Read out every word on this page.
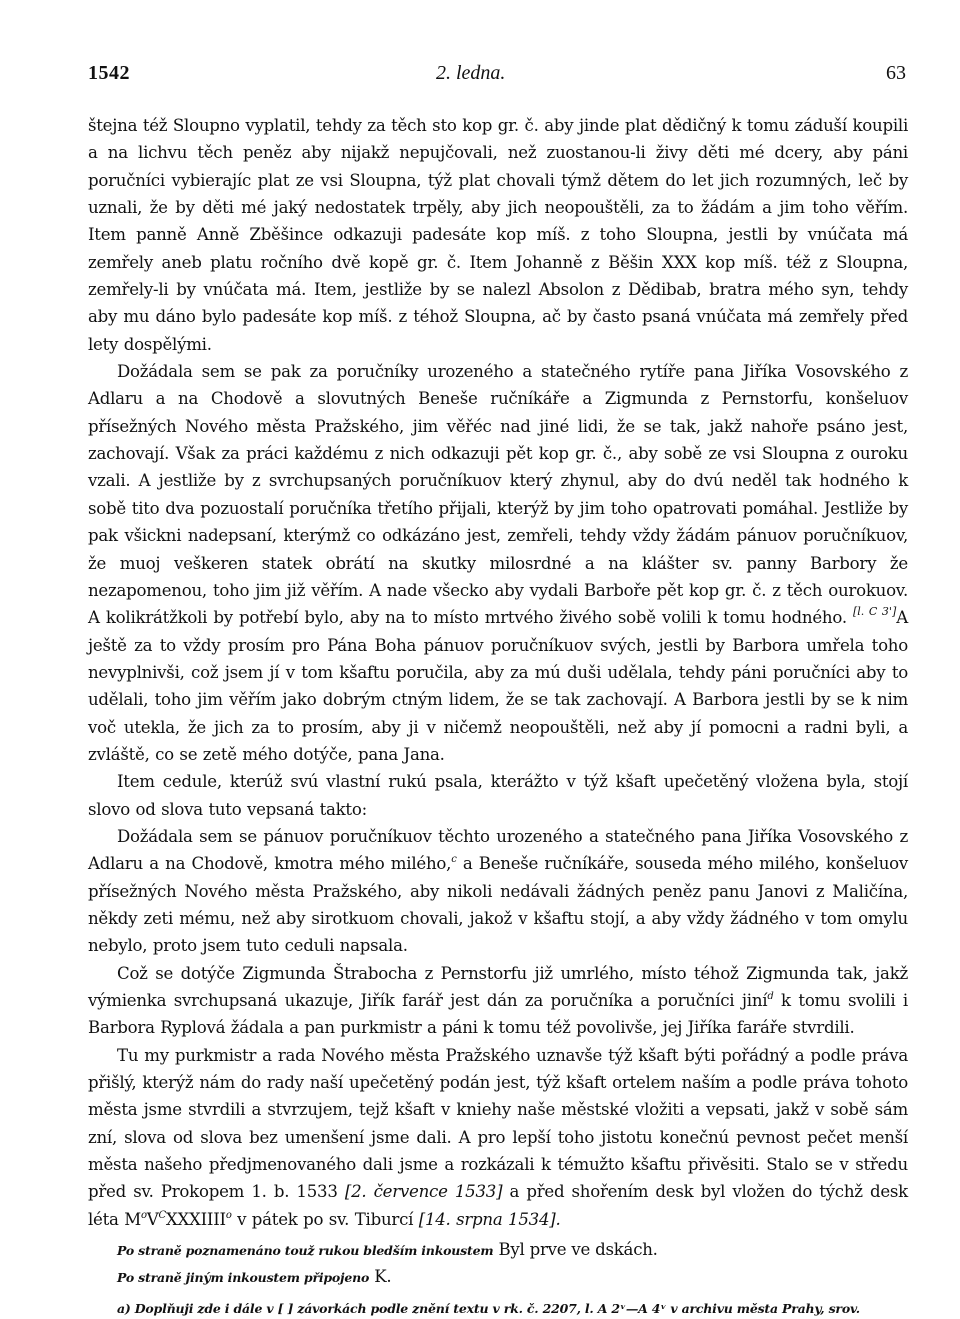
1542	2. ledna.	63

štejna též Sloupno vyplatil, tehdy za těch sto kop gr. č. aby jinde plat dědičný k tomu záduší koupili a na lichvu těch peněz aby nijakž nepujčovali, než zuostanou-li živy děti mé dcery, aby páni poručníci vybierajíc plat ze vsi Sloupna, týž plat chovali týmž dětem do let jich rozumných, leč by uznali, že by děti mé jaký nedostatek trpěly, aby jich neopouštěli, za to žádám a jim toho věřím. Item panně Anně Zběšince odkazuji padesáte kop míš. z toho Sloupna, jestli by vnúčata má zemřely aneb platu ročního dvě kopě gr. č. Item Johanně z Běšin XXX kop míš. též z Sloupna, zemřely-li by vnúčata má. Item, jestliže by se nalezl Absolon z Dědibab, bratra mého syn, tehdy aby mu dáno bylo padesáte kop míš. z téhož Sloupna, ač by často psaná vnúčata má zemřely před lety dospělými.

Dožádala sem se pak za poručníky urozeného a statečného rytíře pana Jiříka Vosovského z Adlaru a na Chodově a slovutných Beneše ručníkáře a Zigmunda z Pernstorfu, konšeluov přísežných Nového města Pražského, jim věřéc nad jiné lidi, že se tak, jakž nahoře psáno jest, zachovají. Však za práci každému z nich odkazuji pět kop gr. č., aby sobě ze vsi Sloupna z ouroku vzali. A jestliže by z svrchupsaných poručníkuov který zhynul, aby do dvú neděl tak hodného k sobě tito dva pozuostalí poručníka třetího přijali, kterýž by jim toho opatrovati pomáhal. Jestliže by pak všickni nadepsaní, kterýmž co odkázáno jest, zemřeli, tehdy vždy žádám pánuov poručníkuov, že muoj veškeren statek obrátí na skutky milosrdné a na klášter sv. panny Barbory že nezapomenou, toho jim již věřím. A nade všecko aby vydali Barboře pět kop gr. č. z těch ourokuov. A kolikrátžkoli by potřebí bylo, aby na to místo mrtvého živého sobě volili k tomu hodného. [l. C 3']A ještě za to vždy prosím pro Pána Boha pánuov poručníkuov svých, jestli by Barbora umřela toho nevyplnivši, což jsem jí v tom kšaftu poručila, aby za mú duši udělala, tehdy páni poručníci aby to udělali, toho jim věřím jako dobrým ctným lidem, že se tak zachovají. A Barbora jestli by se k nim voč utekla, že jich za to prosím, aby ji v ničemž neopouštěli, než aby jí pomocni a radni byli, a zvláště, co se zetě mého dotýče, pana Jana.

Item cedule, kterúž svú vlastní rukú psala, kterážto v týž kšaft upečetěný vložena byla, stojí slovo od slova tuto vepsaná takto:

Dožádala sem se pánuov poručníkuov těchto urozeného a statečného pana Jiříka Vosovského z Adlaru a na Chodově, kmotra mého milého,$^c$ a Beneše ručníkáře, souseda mého milého, konšeluov přísežných Nového města Pražského, aby nikoli nedávali žádných peněz panu Janovi z Maličína, někdy zeti mému, než aby sirotkuom chovali, jakož v kšaftu stojí, a aby vždy žádného v tom omylu nebylo, proto jsem tuto ceduli napsala.

Což se dotýče Zigmunda Štrabocha z Pernstorfu již umrlého, místo téhož Zigmunda tak, jakž výmienka svrchupsaná ukazuje, Jiřík farář jest dán za poručníka a poručníci jiní$^d$ k tomu svolili i Barbora Ryplová žádala a pan purkmistr a páni k tomu též povolivše, jej Jiříka faráře stvrdili.

Tu my purkmistr a rada Nového města Pražského uznavše týž kšaft býti pořádný a podle práva přišlý, kterýž nám do rady naší upečetěný podán jest, týž kšaft ortelem naším a podle práva tohoto města jsme stvrdili a stvrzujem, tejž kšaft v kniehy naše městské vložiti a vepsati, jakž v sobě sám zní, slova od slova bez umenšení jsme dali. A pro lepší toho jistotu konečnú pevnost pečet menší města našeho předjmenovaného dali jsme a rozkázali k témužto kšaftu přivěsiti. Stalo se v středu před sv. Prokopem 1. b. 1533 [2. července 1533] a před shořením desk byl vložen do týchž desk léta $M^oV^CXXXIIII^o$ v pátek po sv. Tiburcí [14. srpna 1534].

Po straně poznamenáno touž rukou bledším inkoustem Byl prve ve dskách.

Po straně jiným inkoustem připojeno K.

a) Doplňuji zde i dále v [ ] závorkách podle znění textu v rk. č. 2207, l. A 2ᵛ—A 4ᵛ v archivu města Prahy, srov.
